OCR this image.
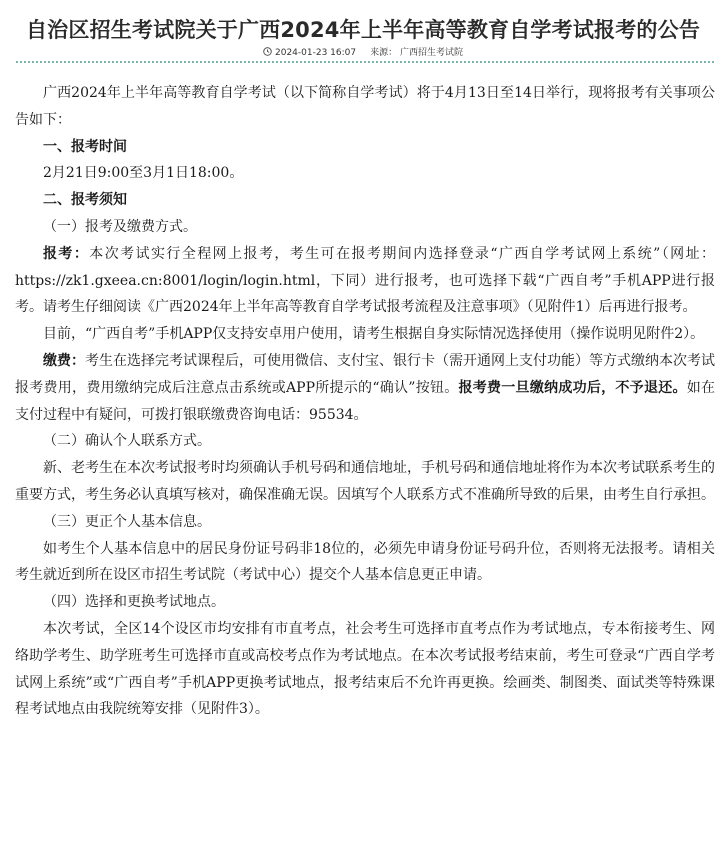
自治区招生考试院关于广西2024年上半年高等教育自学考试报考的公告
2024-01-23 16:07 来源： 广西招生考试院

广西2024年上半年高等教育自学考试（以下简称自学考试）将于4月13日至14日举行，现将报考有关事项公告如下：

一、报考时间

2月21日9:00至3月1日18:00。

二、报考须知

（一）报考及缴费方式。

报考：本次考试实行全程网上报考，考生可在报考期间内选择登录“广西自学考试网上系统”（网址：https://zk1.gxeea.cn:8001/login/login.html，下同）进行报考，也可选择下载“广西自考”手机APP进行报考。请考生仔细阅读《广西2024年上半年高等教育自学考试报考流程及注意事项》（见附件1）后再进行报考。

目前，“广西自考”手机APP仅支持安卓用户使用，请考生根据自身实际情况选择使用（操作说明见附件2）。

缴费：考生在选择完考试课程后，可使用微信、支付宝、银行卡（需开通网上支付功能）等方式缴纳本次考试报考费用，费用缴纳完成后注意点击系统或APP所提示的“确认”按钮。报考费一旦缴纳成功后，不予退还。如在支付过程中有疑问，可拨打银联缴费咨询电话：95534。

（二）确认个人联系方式。

新、老考生在本次考试报考时均须确认手机号码和通信地址，手机号码和通信地址将作为本次考试联系考生的重要方式，考生务必认真填写核对，确保准确无误。因填写个人联系方式不准确所导致的后果，由考生自行承担。

（三）更正个人基本信息。

如考生个人基本信息中的居民身份证号码非18位的，必须先申请身份证号码升位，否则将无法报考。请相关考生就近到所在设区市招生考试院（考试中心）提交个人基本信息更正申请。

（四）选择和更换考试地点。

本次考试，全区14个设区市均安排有市直考点，社会考生可选择市直考点作为考试地点，专本衔接考生、网络助学考生、助学班考生可选择市直或高校考点作为考试地点。在本次考试报考结束前，考生可登录“广西自学考试网上系统”或“广西自考”手机APP更换考试地点，报考结束后不允许再更换。绘画类、制图类、面试类等特殊课程考试地点由我院统筹安排（见附件3）。
